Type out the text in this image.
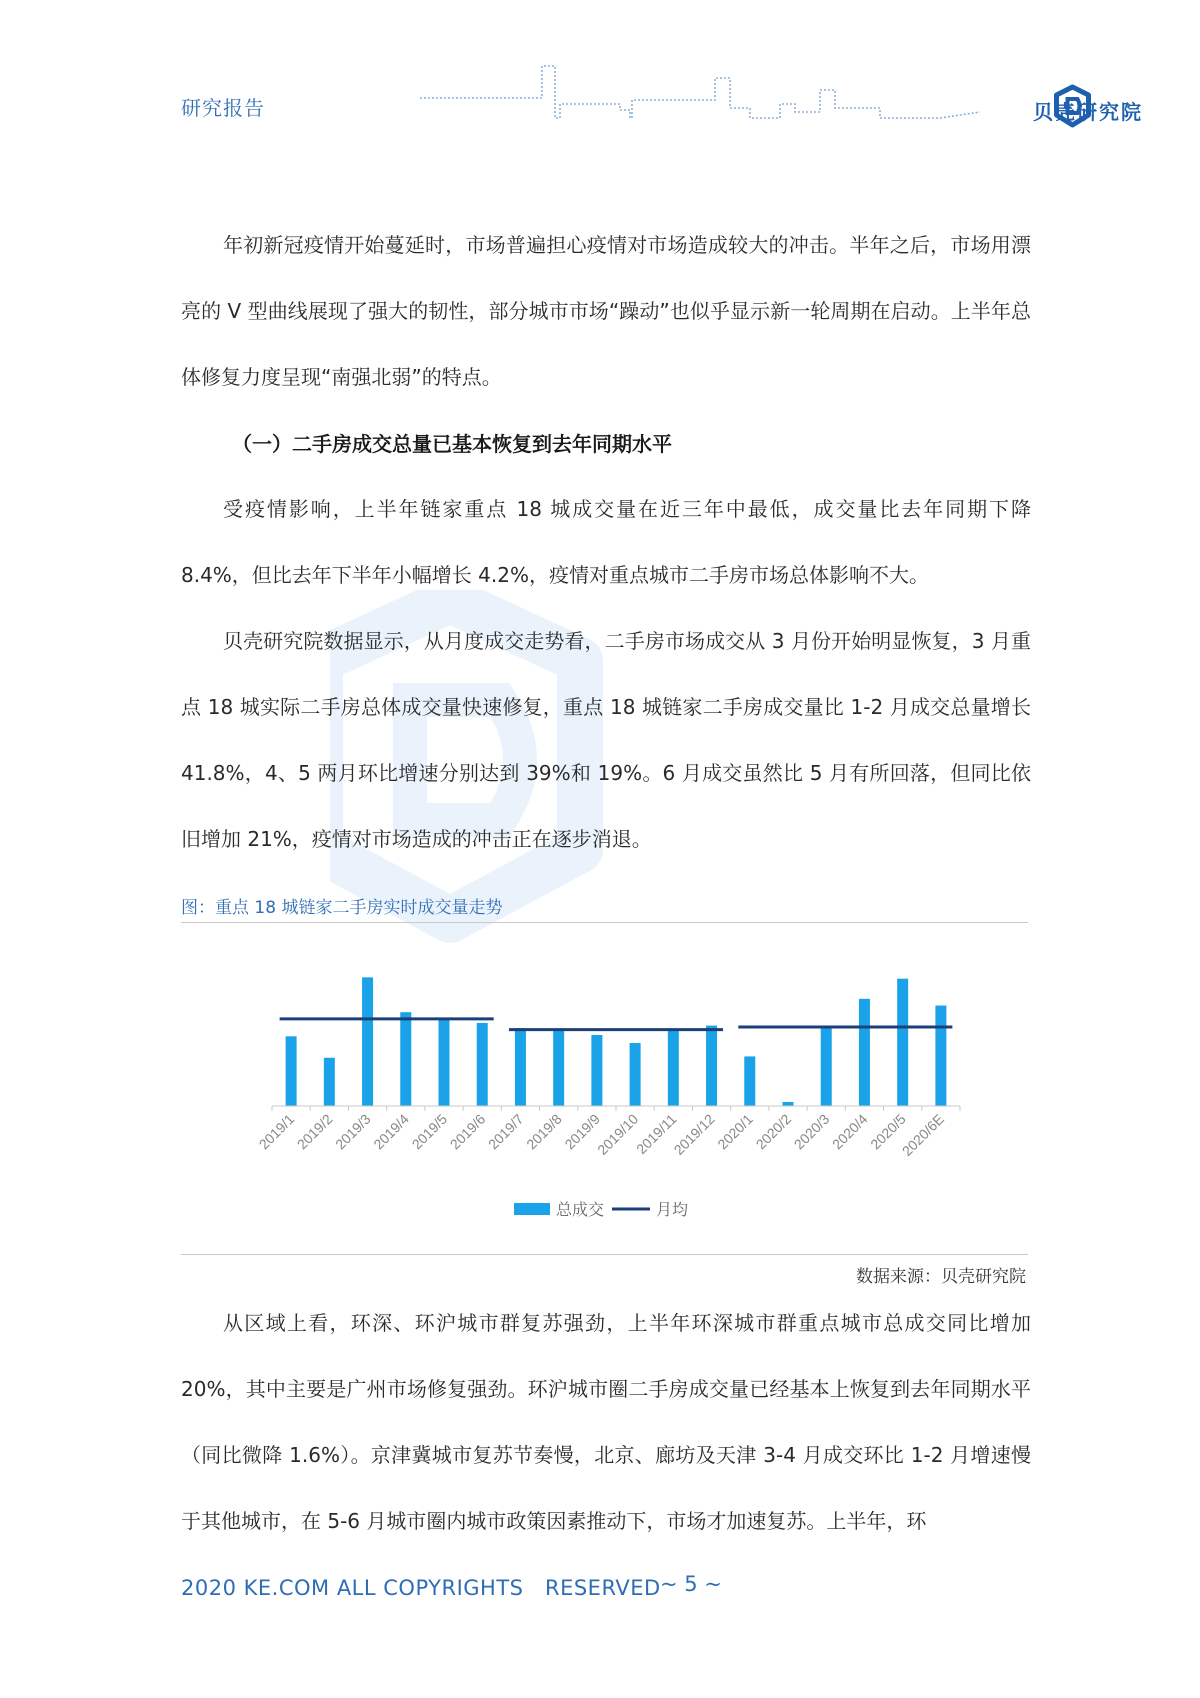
研究报告	贝壳研究院

年初新冠疫情开始蔓延时，市场普遍担心疫情对市场造成较大的冲击。半年之后，市场用漂亮的 V 型曲线展现了强大的韧性，部分城市市场“躁动”也似乎显示新一轮周期在启动。上半年总体修复力度呈现“南强北弱”的特点。

（一）二手房成交总量已基本恢复到去年同期水平

受疫情影响，上半年链家重点 18 城成交量在近三年中最低，成交量比去年同期下降 8.4%，但比去年下半年小幅增长 4.2%，疫情对重点城市二手房市场总体影响不大。

贝壳研究院数据显示，从月度成交走势看，二手房市场成交从 3 月份开始明显恢复，3 月重点 18 城实际二手房总体成交量快速修复，重点 18 城链家二手房成交量比 1-2 月成交总量增长 41.8%，4、5 两月环比增速分别达到 39%和 19%。6 月成交虽然比 5 月有所回落，但同比依旧增加 21%，疫情对市场造成的冲击正在逐步消退。

图：重点 18 城链家二手房实时成交量走势
2019/1
2019/2
2019/3
2019/4
2019/5
2019/6
2019/7
2019/8
2019/9
2019/10
2019/11
2019/12
2020/1
2020/2
2020/3
2020/4
2020/5
2020/6E
总成交	月均
数据来源：贝壳研究院

从区域上看，环深、环沪城市群复苏强劲，上半年环深城市群重点城市总成交同比增加 20%，其中主要是广州市场修复强劲。环沪城市圈二手房成交量已经基本上恢复到去年同期水平（同比微降 1.6%）。京津冀城市复苏节奏慢，北京、廊坊及天津 3-4 月成交环比 1-2 月增速慢于其他城市，在 5-6 月城市圈内城市政策因素推动下，市场才加速复苏。上半年，环

2020 KE.COM ALL COPYRIGHTS　RESERVED ~ 5 ~
